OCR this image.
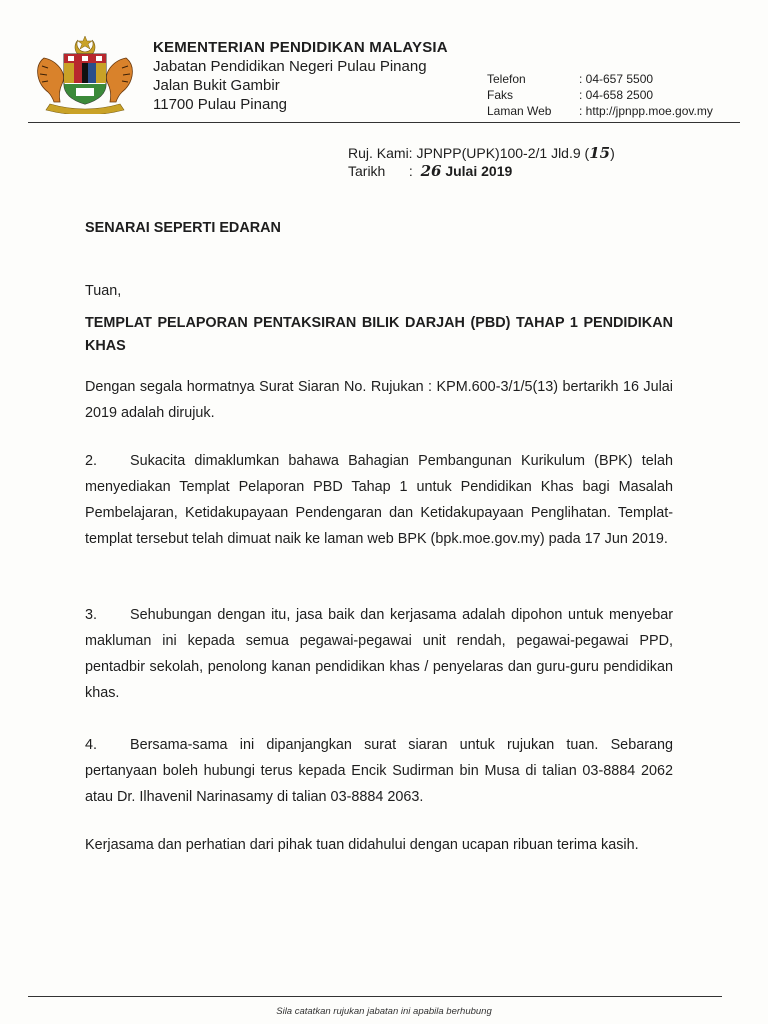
KEMENTERIAN PENDIDIKAN MALAYSIA
Jabatan Pendidikan Negeri Pulau Pinang
Jalan Bukit Gambir
11700 Pulau Pinang
Telefon	: 04-657 5500
Faks	: 04-658 2500
Laman Web	: http://jpnpp.moe.gov.my
Ruj. Kami: JPNPP(UPK)100-2/1 Jld.9 (15)
Tarikh : 26 Julai 2019
SENARAI SEPERTI EDARAN
Tuan,
TEMPLAT PELAPORAN PENTAKSIRAN BILIK DARJAH (PBD) TAHAP 1 PENDIDIKAN KHAS
Dengan segala hormatnya Surat Siaran No. Rujukan : KPM.600-3/1/5(13) bertarikh 16 Julai 2019 adalah dirujuk.
2. Sukacita dimaklumkan bahawa Bahagian Pembangunan Kurikulum (BPK) telah menyediakan Templat Pelaporan PBD Tahap 1 untuk Pendidikan Khas bagi Masalah Pembelajaran, Ketidakupayaan Pendengaran dan Ketidakupayaan Penglihatan. Templat-templat tersebut telah dimuat naik ke laman web BPK (bpk.moe.gov.my) pada 17 Jun 2019.
3. Sehubungan dengan itu, jasa baik dan kerjasama adalah dipohon untuk menyebar makluman ini kepada semua pegawai-pegawai unit rendah, pegawai-pegawai PPD, pentadbir sekolah, penolong kanan pendidikan khas / penyelaras dan guru-guru pendidikan khas.
4. Bersama-sama ini dipanjangkan surat siaran untuk rujukan tuan. Sebarang pertanyaan boleh hubungi terus kepada Encik Sudirman bin Musa di talian 03-8884 2062 atau Dr. Ilhavenil Narinasamy di talian 03-8884 2063.
Kerjasama dan perhatian dari pihak tuan didahului dengan ucapan ribuan terima kasih.
Sila catatkan rujukan jabatan ini apabila berhubung
